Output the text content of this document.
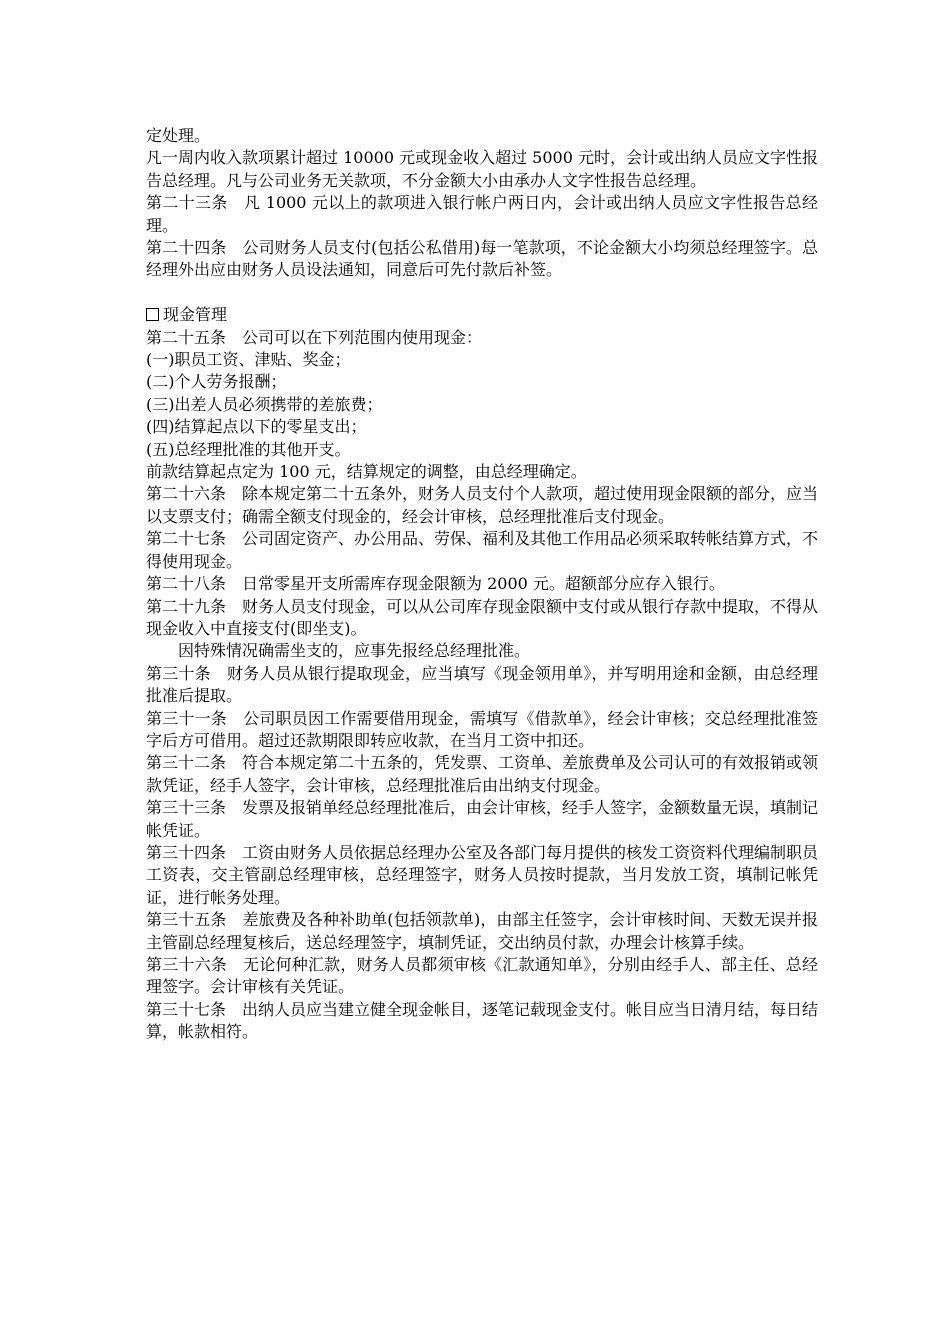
定处理。

凡一周内收入款项累计超过 10000 元或现金收入超过 5000 元时，会计或出纳人员应文字性报告总经理。凡与公司业务无关款项，不分金额大小由承办人文字性报告总经理。

第二十三条　凡 1000 元以上的款项进入银行帐户两日内，会计或出纳人员应文字性报告总经理。

第二十四条　公司财务人员支付(包括公私借用)每一笔款项，不论金额大小均须总经理签字。总经理外出应由财务人员设法通知，同意后可先付款后补签。

现金管理

第二十五条　公司可以在下列范围内使用现金：

(一)职员工资、津贴、奖金；

(二)个人劳务报酬；

(三)出差人员必须携带的差旅费；

(四)结算起点以下的零星支出；

(五)总经理批准的其他开支。

前款结算起点定为 100 元，结算规定的调整，由总经理确定。

第二十六条　除本规定第二十五条外，财务人员支付个人款项，超过使用现金限额的部分，应当以支票支付；确需全额支付现金的，经会计审核，总经理批准后支付现金。

第二十七条　公司固定资产、办公用品、劳保、福利及其他工作用品必须采取转帐结算方式，不得使用现金。

第二十八条　日常零星开支所需库存现金限额为 2000 元。超额部分应存入银行。

第二十九条　财务人员支付现金，可以从公司库存现金限额中支付或从银行存款中提取，不得从现金收入中直接支付(即坐支)。

因特殊情况确需坐支的，应事先报经总经理批准。

第三十条　财务人员从银行提取现金，应当填写《现金领用单》，并写明用途和金额，由总经理批准后提取。

第三十一条　公司职员因工作需要借用现金，需填写《借款单》，经会计审核；交总经理批准签字后方可借用。超过还款期限即转应收款，在当月工资中扣还。

第三十二条　符合本规定第二十五条的，凭发票、工资单、差旅费单及公司认可的有效报销或领款凭证，经手人签字，会计审核，总经理批准后由出纳支付现金。

第三十三条　发票及报销单经总经理批准后，由会计审核，经手人签字，金额数量无误，填制记帐凭证。

第三十四条　工资由财务人员依据总经理办公室及各部门每月提供的核发工资资料代理编制职员工资表，交主管副总经理审核，总经理签字，财务人员按时提款，当月发放工资，填制记帐凭证，进行帐务处理。

第三十五条　差旅费及各种补助单(包括领款单)，由部主任签字，会计审核时间、天数无误并报主管副总经理复核后，送总经理签字，填制凭证，交出纳员付款，办理会计核算手续。

第三十六条　无论何种汇款，财务人员都须审核《汇款通知单》，分别由经手人、部主任、总经理签字。会计审核有关凭证。

第三十七条　出纳人员应当建立健全现金帐目，逐笔记载现金支付。帐目应当日清月结，每日结算，帐款相符。
